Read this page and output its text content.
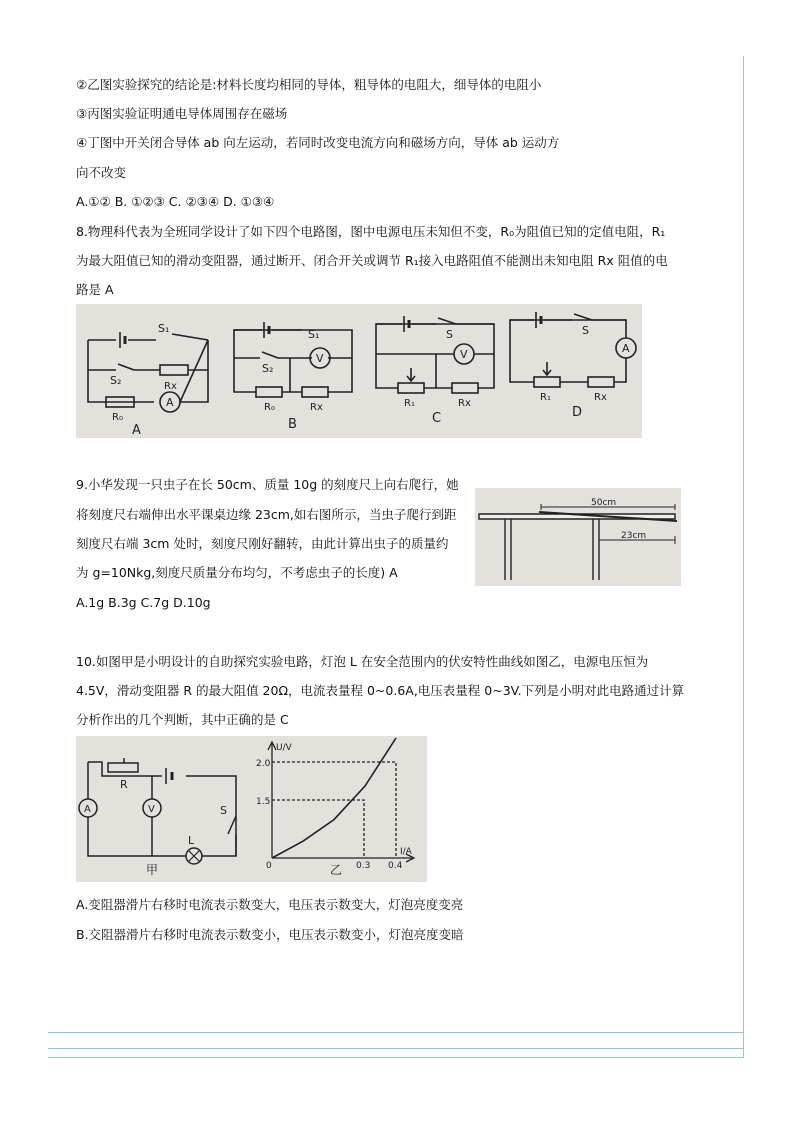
②乙图实验探究的结论是:材料长度均相同的导体，粗导体的电阻大，细导体的电阻小
③丙图实验证明通电导体周围存在磁场
④丁图中开关闭合导体 ab 向左运动，若同时改变电流方向和磁场方向，导体 ab 运动方
向不改变
A.①② B. ①②③ C. ②③④ D. ①③④
8.物理科代表为全班同学设计了如下四个电路图，图中电源电压未知但不变，R₀为阻值已知的定值电阻，R₁
为最大阻值已知的滑动变阻器，通过断开、闭合开关或调节 R₁接入电路阻值不能测出未知电阻 Rx 阻值的电
路是 A
S₁
S₂	Rx
R₀
A
A
S₁
S₂
V
R₀	Rx
B
S
V
R₁	Rx
C
S
A
R₁	Rx
D
9.小华发现一只虫子在长 50cm、质量 10g 的刻度尺上向右爬行，她
将刻度尺右端伸出水平课桌边缘 23cm,如右图所示，当虫子爬行到距
刻度尺右端 3cm 处时，刻度尺刚好翻转，由此计算出虫子的质量约
为 g=10Nkg,刻度尺质量分布均匀，不考虑虫子的长度) A
A.1g B.3g C.7g D.10g
50cm
23cm
10.如图甲是小明设计的自助探究实验电路，灯泡 L 在安全范围内的伏安特性曲线如图乙，电源电压恒为
4.5V，滑动变阻器 R 的最大阻值 20Ω，电流表量程 0~0.6A,电压表量程 0~3V.下列是小明对此电路通过计算
分析作出的几个判断，其中正确的是 C
A	V
R
L
S
甲
U/V
2.0
1.5
0	0.3 0.4
I/A
乙
A.变阻器滑片右移时电流表示数变大，电压表示数变大，灯泡亮度变亮
B.交阻器滑片右移时电流表示数变小，电压表示数变小，灯泡亮度变暗
